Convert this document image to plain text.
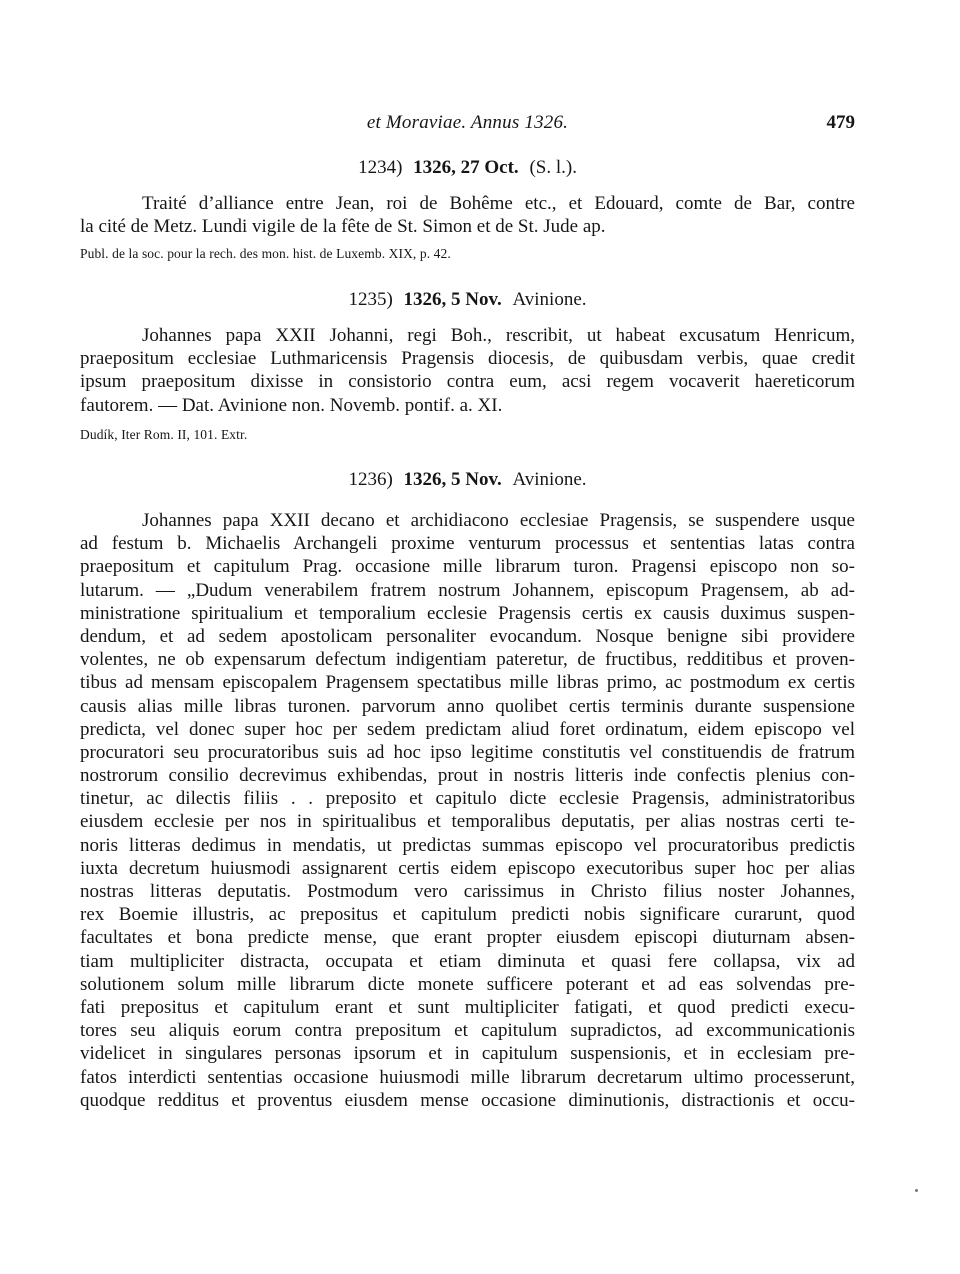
et Moraviae. Annus 1326.	479
1234) 1326, 27 Oct. (S. l.).
Traité d’alliance entre Jean, roi de Bohême etc., et Edouard, comte de Bar, contre
la cité de Metz. Lundi vigile de la fête de St. Simon et de St. Jude ap.
Publ. de la soc. pour la rech. des mon. hist. de Luxemb. XIX, p. 42.
1235) 1326, 5 Nov. Avinione.
Johannes papa XXII Johanni, regi Boh., rescribit, ut habeat excusatum Henricum,
praepositum ecclesiae Luthmaricensis Pragensis diocesis, de quibusdam verbis, quae credit
ipsum praepositum dixisse in consistorio contra eum, acsi regem vocaverit haereticorum
fautorem. — Dat. Avinione non. Novemb. pontif. a. XI.
Dudík, Iter Rom. II, 101. Extr.
1236) 1326, 5 Nov. Avinione.
Johannes papa XXII decano et archidiacono ecclesiae Pragensis, se suspendere usque
ad festum b. Michaelis Archangeli proxime venturum processus et sententias latas contra
praepositum et capitulum Prag. occasione mille librarum turon. Pragensi episcopo non so-
lutarum. — „Dudum venerabilem fratrem nostrum Johannem, episcopum Pragensem, ab ad-
ministratione spiritualium et temporalium ecclesie Pragensis certis ex causis duximus suspen-
dendum, et ad sedem apostolicam personaliter evocandum. Nosque benigne sibi providere
volentes, ne ob expensarum defectum indigentiam pateretur, de fructibus, redditibus et proven-
tibus ad mensam episcopalem Pragensem spectatibus mille libras primo, ac postmodum ex certis
causis alias mille libras turonen. parvorum anno quolibet certis terminis durante suspensione
predicta, vel donec super hoc per sedem predictam aliud foret ordinatum, eidem episcopo vel
procuratori seu procuratoribus suis ad hoc ipso legitime constitutis vel constituendis de fratrum
nostrorum consilio decrevimus exhibendas, prout in nostris litteris inde confectis plenius con-
tinetur, ac dilectis filiis . . preposito et capitulo dicte ecclesie Pragensis, administratoribus
eiusdem ecclesie per nos in spiritualibus et temporalibus deputatis, per alias nostras certi te-
noris litteras dedimus in mendatis, ut predictas summas episcopo vel procuratoribus predictis
iuxta decretum huiusmodi assignarent certis eidem episcopo executoribus super hoc per alias
nostras litteras deputatis. Postmodum vero carissimus in Christo filius noster Johannes,
rex Boemie illustris, ac prepositus et capitulum predicti nobis significare curarunt, quod
facultates et bona predicte mense, que erant propter eiusdem episcopi diuturnam absen-
tiam multipliciter distracta, occupata et etiam diminuta et quasi fere collapsa, vix ad
solutionem solum mille librarum dicte monete sufficere poterant et ad eas solvendas pre-
fati prepositus et capitulum erant et sunt multipliciter fatigati, et quod predicti execu-
tores seu aliquis eorum contra prepositum et capitulum supradictos, ad excommunicationis
videlicet in singulares personas ipsorum et in capitulum suspensionis, et in ecclesiam pre-
fatos interdicti sententias occasione huiusmodi mille librarum decretarum ultimo processerunt,
quodque redditus et proventus eiusdem mense occasione diminutionis, distractionis et occu-
